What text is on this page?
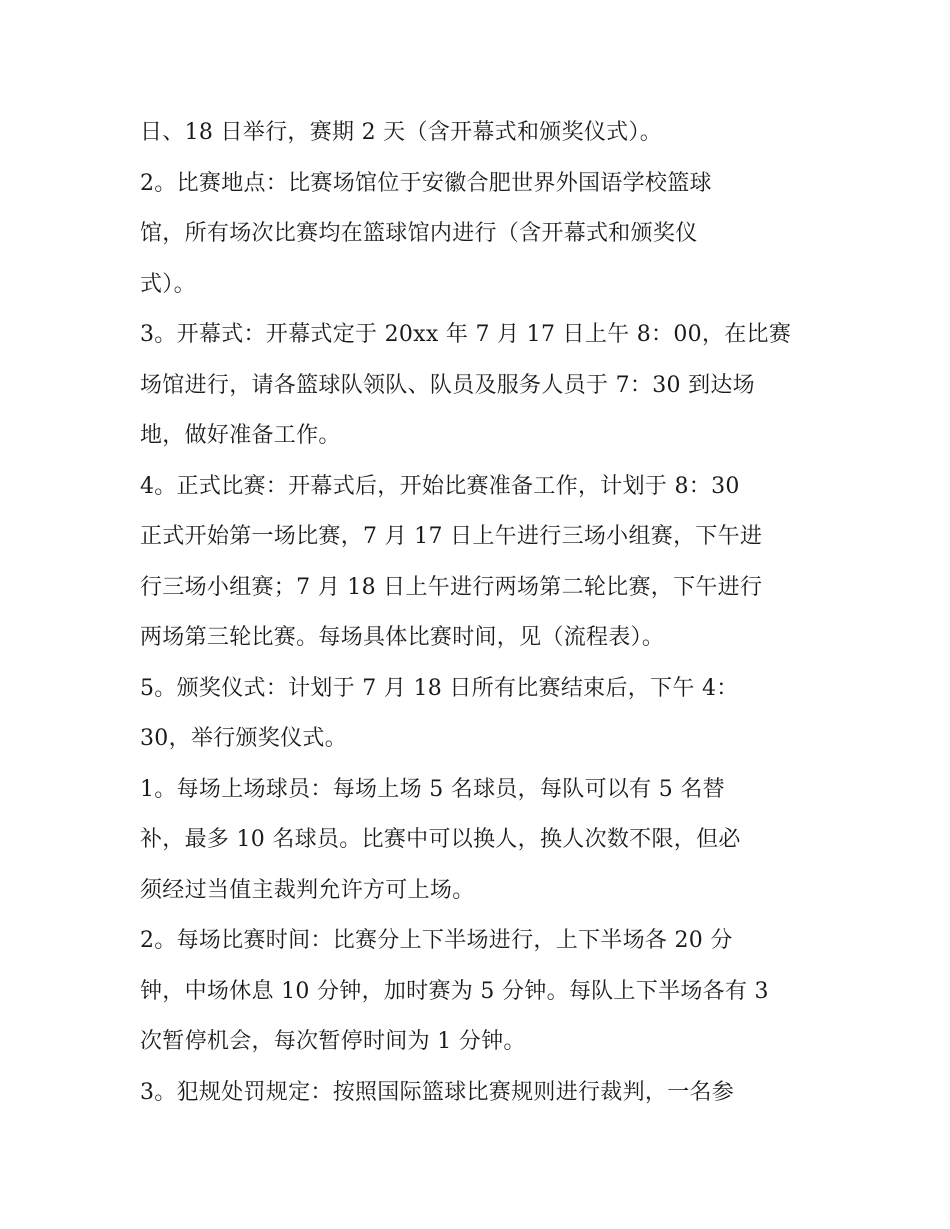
日、18 日举行，赛期 2 天（含开幕式和颁奖仪式）。
2。比赛地点：比赛场馆位于安徽合肥世界外国语学校篮球
馆，所有场次比赛均在篮球馆内进行（含开幕式和颁奖仪
式）。
3。开幕式：开幕式定于 20xx 年 7 月 17 日上午 8：00，在比赛
场馆进行，请各篮球队领队、队员及服务人员于 7：30 到达场
地，做好准备工作。
4。正式比赛：开幕式后，开始比赛准备工作，计划于 8：30
正式开始第一场比赛，7 月 17 日上午进行三场小组赛，下午进
行三场小组赛；7 月 18 日上午进行两场第二轮比赛，下午进行
两场第三轮比赛。每场具体比赛时间，见（流程表）。
5。颁奖仪式：计划于 7 月 18 日所有比赛结束后，下午 4：
30，举行颁奖仪式。
1。每场上场球员：每场上场 5 名球员，每队可以有 5 名替
补，最多 10 名球员。比赛中可以换人，换人次数不限，但必
须经过当值主裁判允许方可上场。
2。每场比赛时间：比赛分上下半场进行，上下半场各 20 分
钟，中场休息 10 分钟，加时赛为 5 分钟。每队上下半场各有 3
次暂停机会，每次暂停时间为 1 分钟。
3。犯规处罚规定：按照国际篮球比赛规则进行裁判，一名参
